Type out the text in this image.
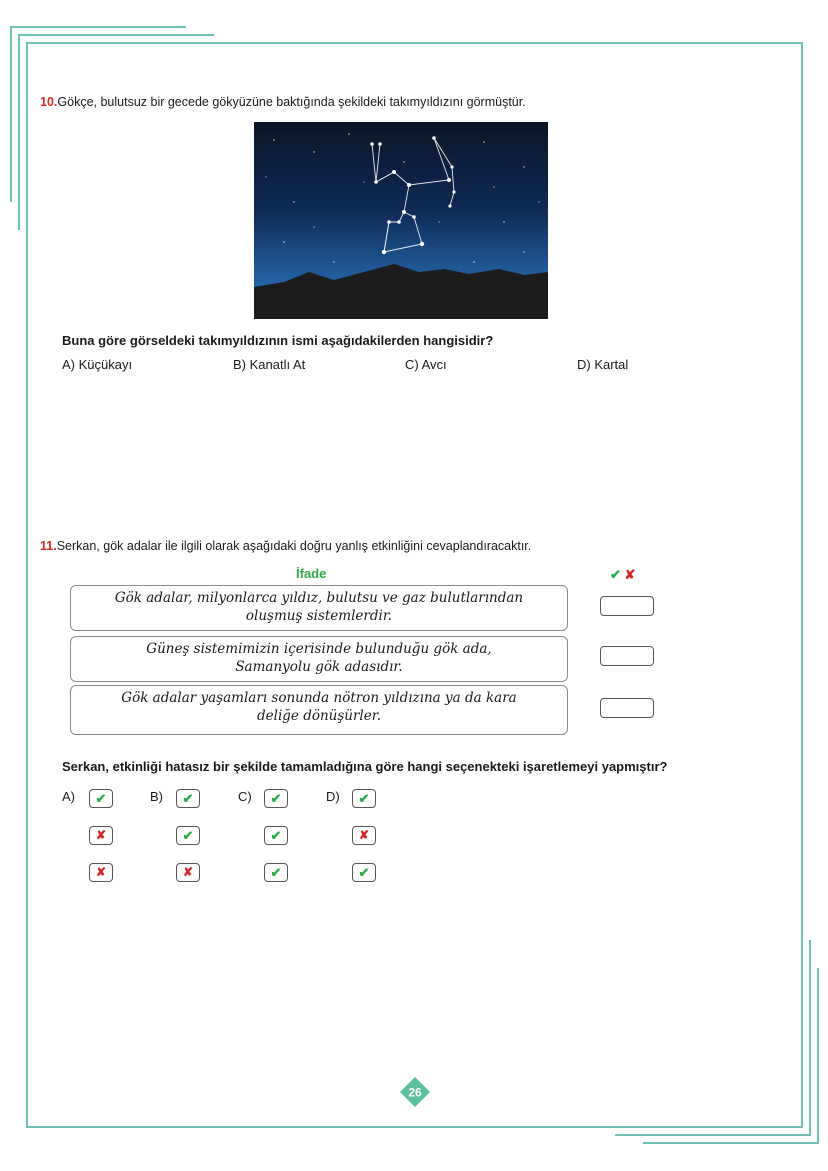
10.Gökçe, bulutsuz bir gecede gökyüzüne baktığında şekildeki takımyıldızını görmüştür.
Buna göre görseldeki takımyıldızının ismi aşağıdakilerden hangisidir?
A) Küçükayı	B) Kanatlı At	C) Avcı	D) Kartal
11.Serkan, gök adalar ile ilgili olarak aşağıdaki doğru yanlış etkinliğini cevaplandıracaktır.
İfade	✔ ✘
Gök adalar, milyonlarca yıldız, bulutsu ve gaz bulutlarından oluşmuş sistemlerdir.
Güneş sistemimizin içerisinde bulunduğu gök ada, Samanyolu gök adasıdır.
Gök adalar yaşamları sonunda nötron yıldızına ya da kara deliğe dönüşürler.
Serkan, etkinliği hatasız bir şekilde tamamladığına göre hangi seçenekteki işaretlemeyi yapmıştır?
A)	✔
✘
✘
B)	✔
✔
✘
C)	✔
✔
✔
D)	✔
✘
✔
26
